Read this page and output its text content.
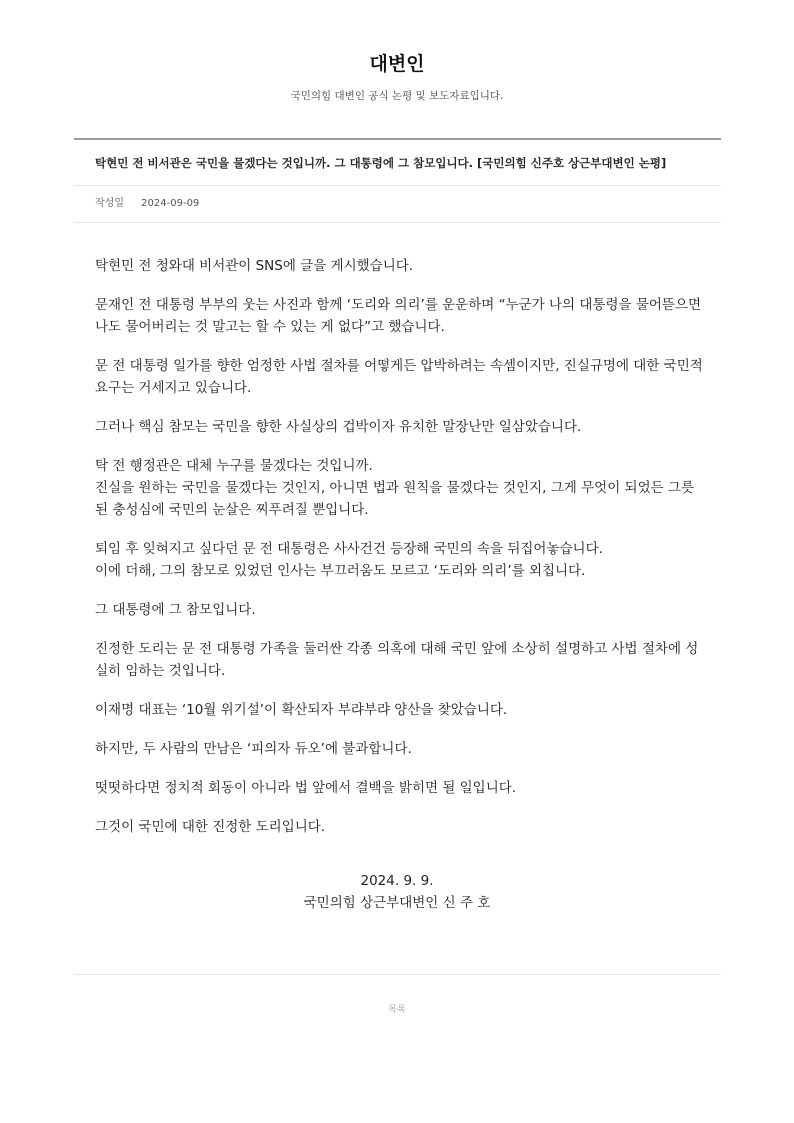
대변인
국민의힘 대변인 공식 논평 및 보도자료입니다.
탁현민 전 비서관은 국민을 물겠다는 것입니까. 그 대통령에 그 참모입니다. [국민의힘 신주호 상근부대변인 논평]
작성일 2024-09-09

탁현민 전 청와대 비서관이 SNS에 글을 게시했습니다.

문재인 전 대통령 부부의 웃는 사진과 함께 ‘도리와 의리’를 운운하며 “누군가 나의 대통령을 물어뜯으면 나도 물어버리는 것 말고는 할 수 있는 게 없다”고 했습니다.

문 전 대통령 일가를 향한 엄정한 사법 절차를 어떻게든 압박하려는 속셈이지만, 진실규명에 대한 국민적 요구는 거세지고 있습니다.

그러나 핵심 참모는 국민을 향한 사실상의 겁박이자 유치한 말장난만 일삼았습니다.

탁 전 행정관은 대체 누구를 물겠다는 것입니까.
진실을 원하는 국민을 물겠다는 것인지, 아니면 법과 원칙을 물겠다는 것인지, 그게 무엇이 되었든 그릇된 충성심에 국민의 눈살은 찌푸려질 뿐입니다.

퇴임 후 잊혀지고 싶다던 문 전 대통령은 사사건건 등장해 국민의 속을 뒤집어놓습니다.
이에 더해, 그의 참모로 있었던 인사는 부끄러움도 모르고 ‘도리와 의리’를 외칩니다.

그 대통령에 그 참모입니다.

진정한 도리는 문 전 대통령 가족을 둘러싼 각종 의혹에 대해 국민 앞에 소상히 설명하고 사법 절차에 성실히 임하는 것입니다.

이재명 대표는 ‘10월 위기설’이 확산되자 부랴부랴 양산을 찾았습니다.

하지만, 두 사람의 만남은 ‘피의자 듀오’에 불과합니다.

떳떳하다면 정치적 회동이 아니라 법 앞에서 결백을 밝히면 될 일입니다.

그것이 국민에 대한 진정한 도리입니다.

2024. 9. 9.
국민의힘 상근부대변인 신 주 호
목록
